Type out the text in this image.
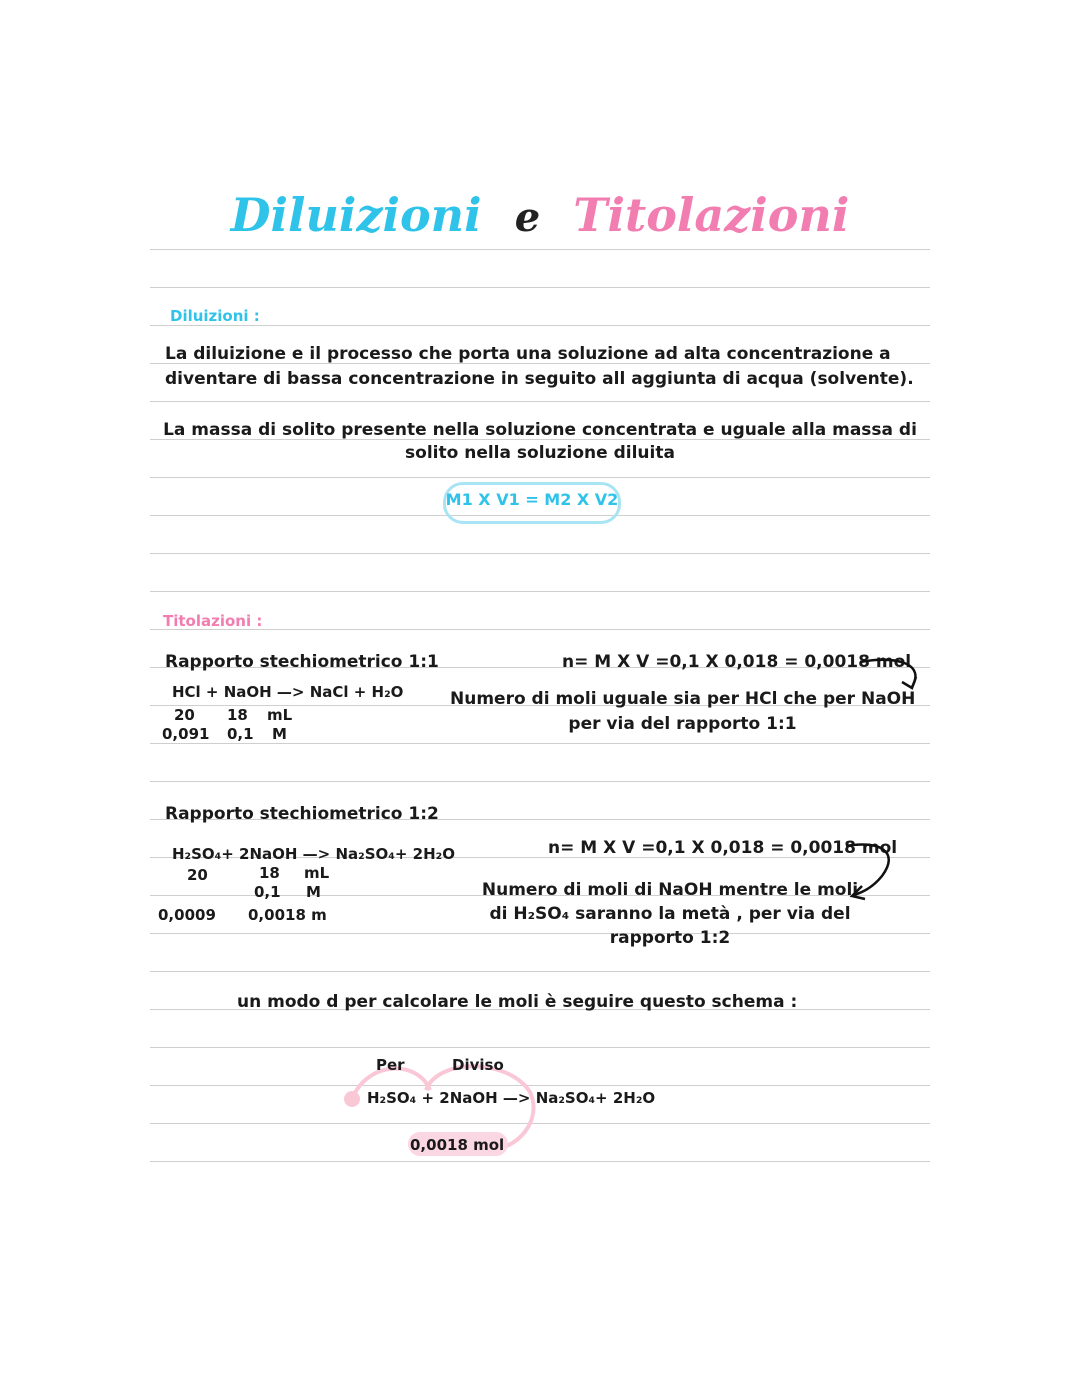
Diluizioni e Titolazioni
Diluizioni :
La diluizione e il processo che porta una soluzione ad alta concentrazione a
diventare di bassa concentrazione in seguito all aggiunta di acqua (solvente).
La massa di solito presente nella soluzione concentrata e uguale alla massa di
solito nella soluzione diluita
M1 X V1 = M2 X V2
Titolazioni :
Rapporto stechiometrico 1:1
HCl + NaOH —> NaCl + H₂O
20 18 mL
0,091 0,1 M
n= M X V =0,1 X 0,018 = 0,0018 mol
Numero di moli uguale sia per HCl che per NaOH
per via del rapporto 1:1
Rapporto stechiometrico 1:2
H₂SO₄+ 2NaOH —> Na₂SO₄+ 2H₂O
20	18 mL
0,1 M
0,0009 0,0018 m
n= M X V =0,1 X 0,018 = 0,0018 mol
Numero di moli di NaOH mentre le moli
di H₂SO₄ saranno la metà , per via del
rapporto 1:2
un modo d per calcolare le moli è seguire questo schema :
Per	Diviso
H₂SO₄ + 2NaOH —> Na₂SO₄+ 2H₂O
0,0018 mol
